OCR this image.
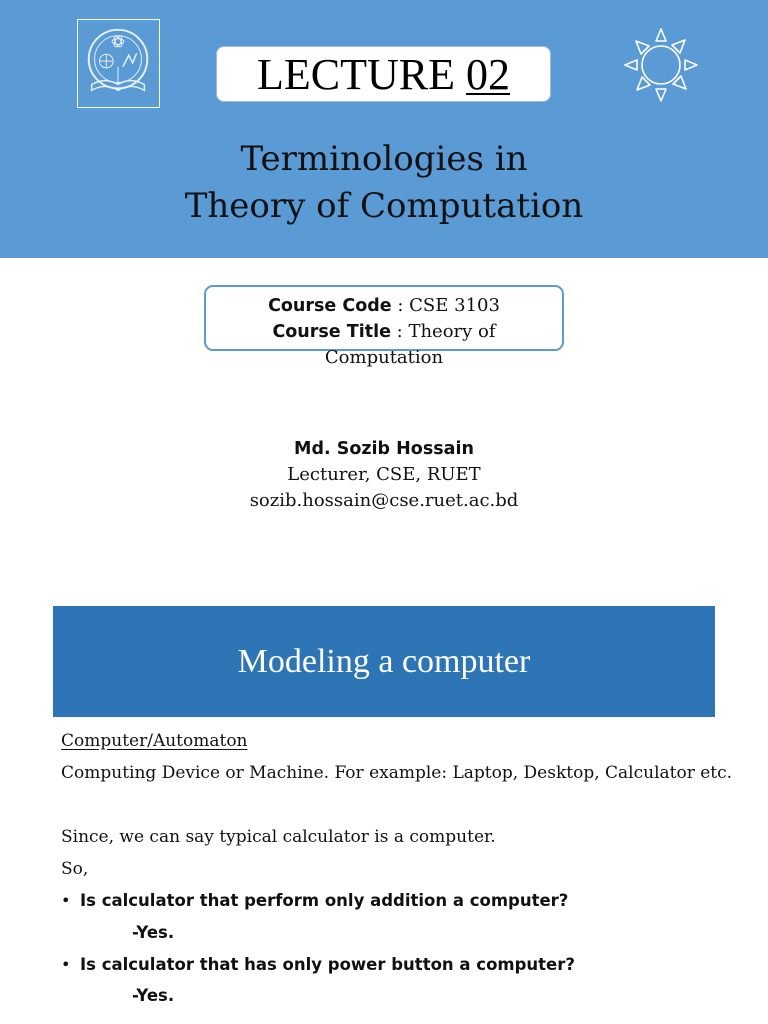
LECTURE 02
Terminologies in
Theory of Computation
Course Code : CSE 3103
Course Title : Theory of
Computation
Md. Sozib Hossain
Lecturer, CSE, RUET
sozib.hossain@cse.ruet.ac.bd
Modeling a computer
Computer/Automaton
Computing Device or Machine. For example: Laptop, Desktop, Calculator etc.
Since, we can say typical calculator is a computer.
So,
• Is calculator that perform only addition a computer?
-Yes.
• Is calculator that has only power button a computer?
-Yes.
